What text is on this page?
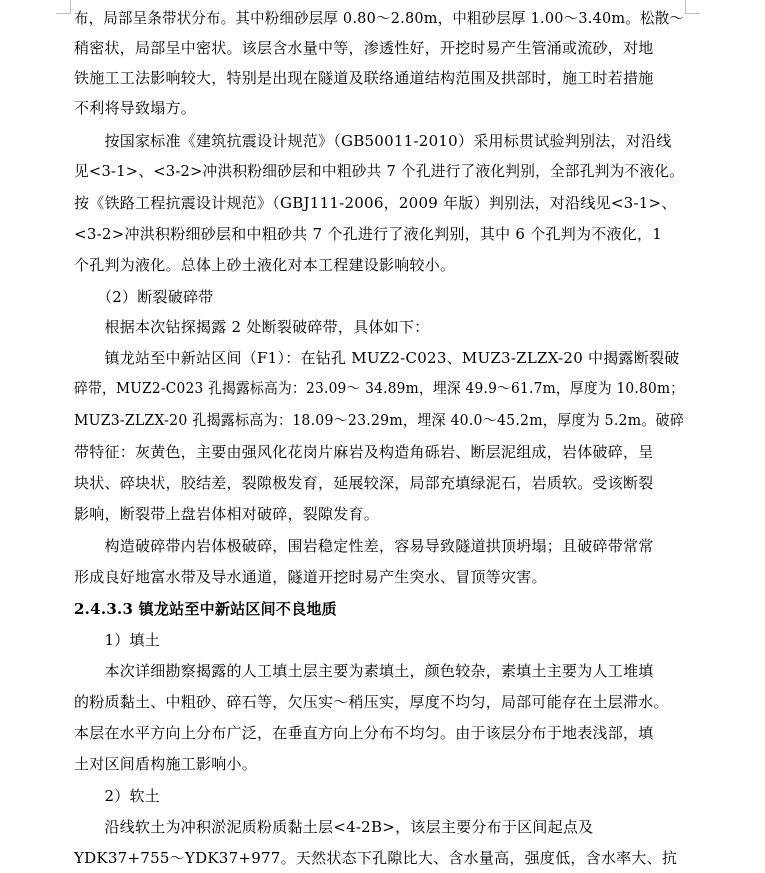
布，局部呈条带状分布。其中粉细砂层厚 0.80～2.80m，中粗砂层厚 1.00～3.40m。松散～
稍密状，局部呈中密状。该层含水量中等，渗透性好，开挖时易产生管涌或流砂，对地
铁施工工法影响较大，特别是出现在隧道及联络通道结构范围及拱部时，施工时若措施
不利将导致塌方。
　　按国家标准《建筑抗震设计规范》（GB50011-2010）采用标贯试验判别法，对沿线
见<3-1>、<3-2>冲洪积粉细砂层和中粗砂共 7 个孔进行了液化判别，全部孔判为不液化。
按《铁路工程抗震设计规范》（GBJ111-2006，2009 年版）判别法，对沿线见<3-1>、
<3-2>冲洪积粉细砂层和中粗砂共 7 个孔进行了液化判别，其中 6 个孔判为不液化，1
个孔判为液化。总体上砂土液化对本工程建设影响较小。
　　（2）断裂破碎带
　　根据本次钻探揭露 2 处断裂破碎带，具体如下：
　　镇龙站至中新站区间（F1）：在钻孔 MUZ2-C023、MUZ3-ZLZX-20 中揭露断裂破
碎带，MUZ2-C023 孔揭露标高为：23.09～ 34.89m，埋深 49.9～61.7m，厚度为 10.80m；
MUZ3-ZLZX-20 孔揭露标高为：18.09～23.29m，埋深 40.0～45.2m，厚度为 5.2m。破碎
带特征：灰黄色，主要由强风化花岗片麻岩及构造角砾岩、断层泥组成，岩体破碎，呈
块状、碎块状，胶结差，裂隙极发育，延展较深，局部充填绿泥石，岩质软。受该断裂
影响，断裂带上盘岩体相对破碎，裂隙发育。
　　构造破碎带内岩体极破碎，围岩稳定性差，容易导致隧道拱顶坍塌；且破碎带常常
形成良好地富水带及导水通道，隧道开挖时易产生突水、冒顶等灾害。
2.4.3.3 镇龙站至中新站区间不良地质
　　1）填土
　　本次详细勘察揭露的人工填土层主要为素填土，颜色较杂，素填土主要为人工堆填
的粉质黏土、中粗砂、碎石等，欠压实～稍压实，厚度不均匀，局部可能存在土层滞水。
本层在水平方向上分布广泛，在垂直方向上分布不均匀。由于该层分布于地表浅部，填
土对区间盾构施工影响小。
　　2）软土
　　沿线软土为冲积淤泥质粉质黏土层<4-2B>，该层主要分布于区间起点及
YDK37+755～YDK37+977。天然状态下孔隙比大、含水量高，强度低，含水率大、抗
